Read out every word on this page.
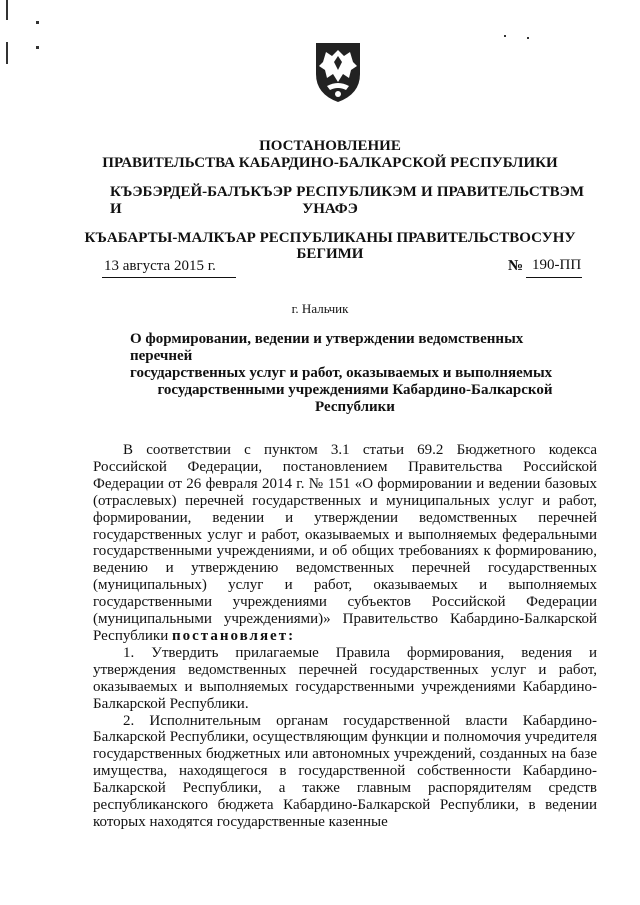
ПОСТАНОВЛЕНИЕ
ПРАВИТЕЛЬСТВА КАБАРДИНО-БАЛКАРСКОЙ РЕСПУБЛИКИ
КЪЭБЭРДЕЙ-БАЛЪКЪЭР РЕСПУБЛИКЭМ И ПРАВИТЕЛЬСТВЭМ И	УНАФЭ
КЪАБАРТЫ-МАЛКЪАР РЕСПУБЛИКАНЫ ПРАВИТЕЛЬСТВОСУНУ
БЕГИМИ
13 августа 2015 г.	№ 190-ПП
г. Нальчик
О формировании, ведении и утверждении ведомственных перечней
государственных услуг и работ, оказываемых и выполняемых
государственными учреждениями Кабардино-Балкарской
Республики

В соответствии с пунктом 3.1 статьи 69.2 Бюджетного кодекса Российской Федерации, постановлением Правительства Российской Федерации от 26 февраля 2014 г. № 151 «О формировании и ведении базовых (отраслевых) перечней государственных и муниципальных услуг и работ, формировании, ведении и утверждении ведомственных перечней государственных услуг и работ, оказываемых и выполняемых федеральными государственными учреждениями, и об общих требованиях к формированию, ведению и утверждению ведомственных перечней государственных (муниципальных) услуг и работ, оказываемых и выполняемых государственными учреждениями субъектов Российской Федерации (муниципальными учреждениями)» Правительство Кабардино-Балкарской Республики постановляет:

1. Утвердить прилагаемые Правила формирования, ведения и утверждения ведомственных перечней государственных услуг и работ, оказываемых и выполняемых государственными учреждениями Кабардино-Балкарской Республики.

2. Исполнительным органам государственной власти Кабардино-Балкарской Республики, осуществляющим функции и полномочия учредителя государственных бюджетных или автономных учреждений, созданных на базе имущества, находящегося в государственной собственности Кабардино-Балкарской Республики, а также главным распорядителям средств республиканского бюджета Кабардино-Балкарской Республики, в ведении которых находятся государственные казенные
